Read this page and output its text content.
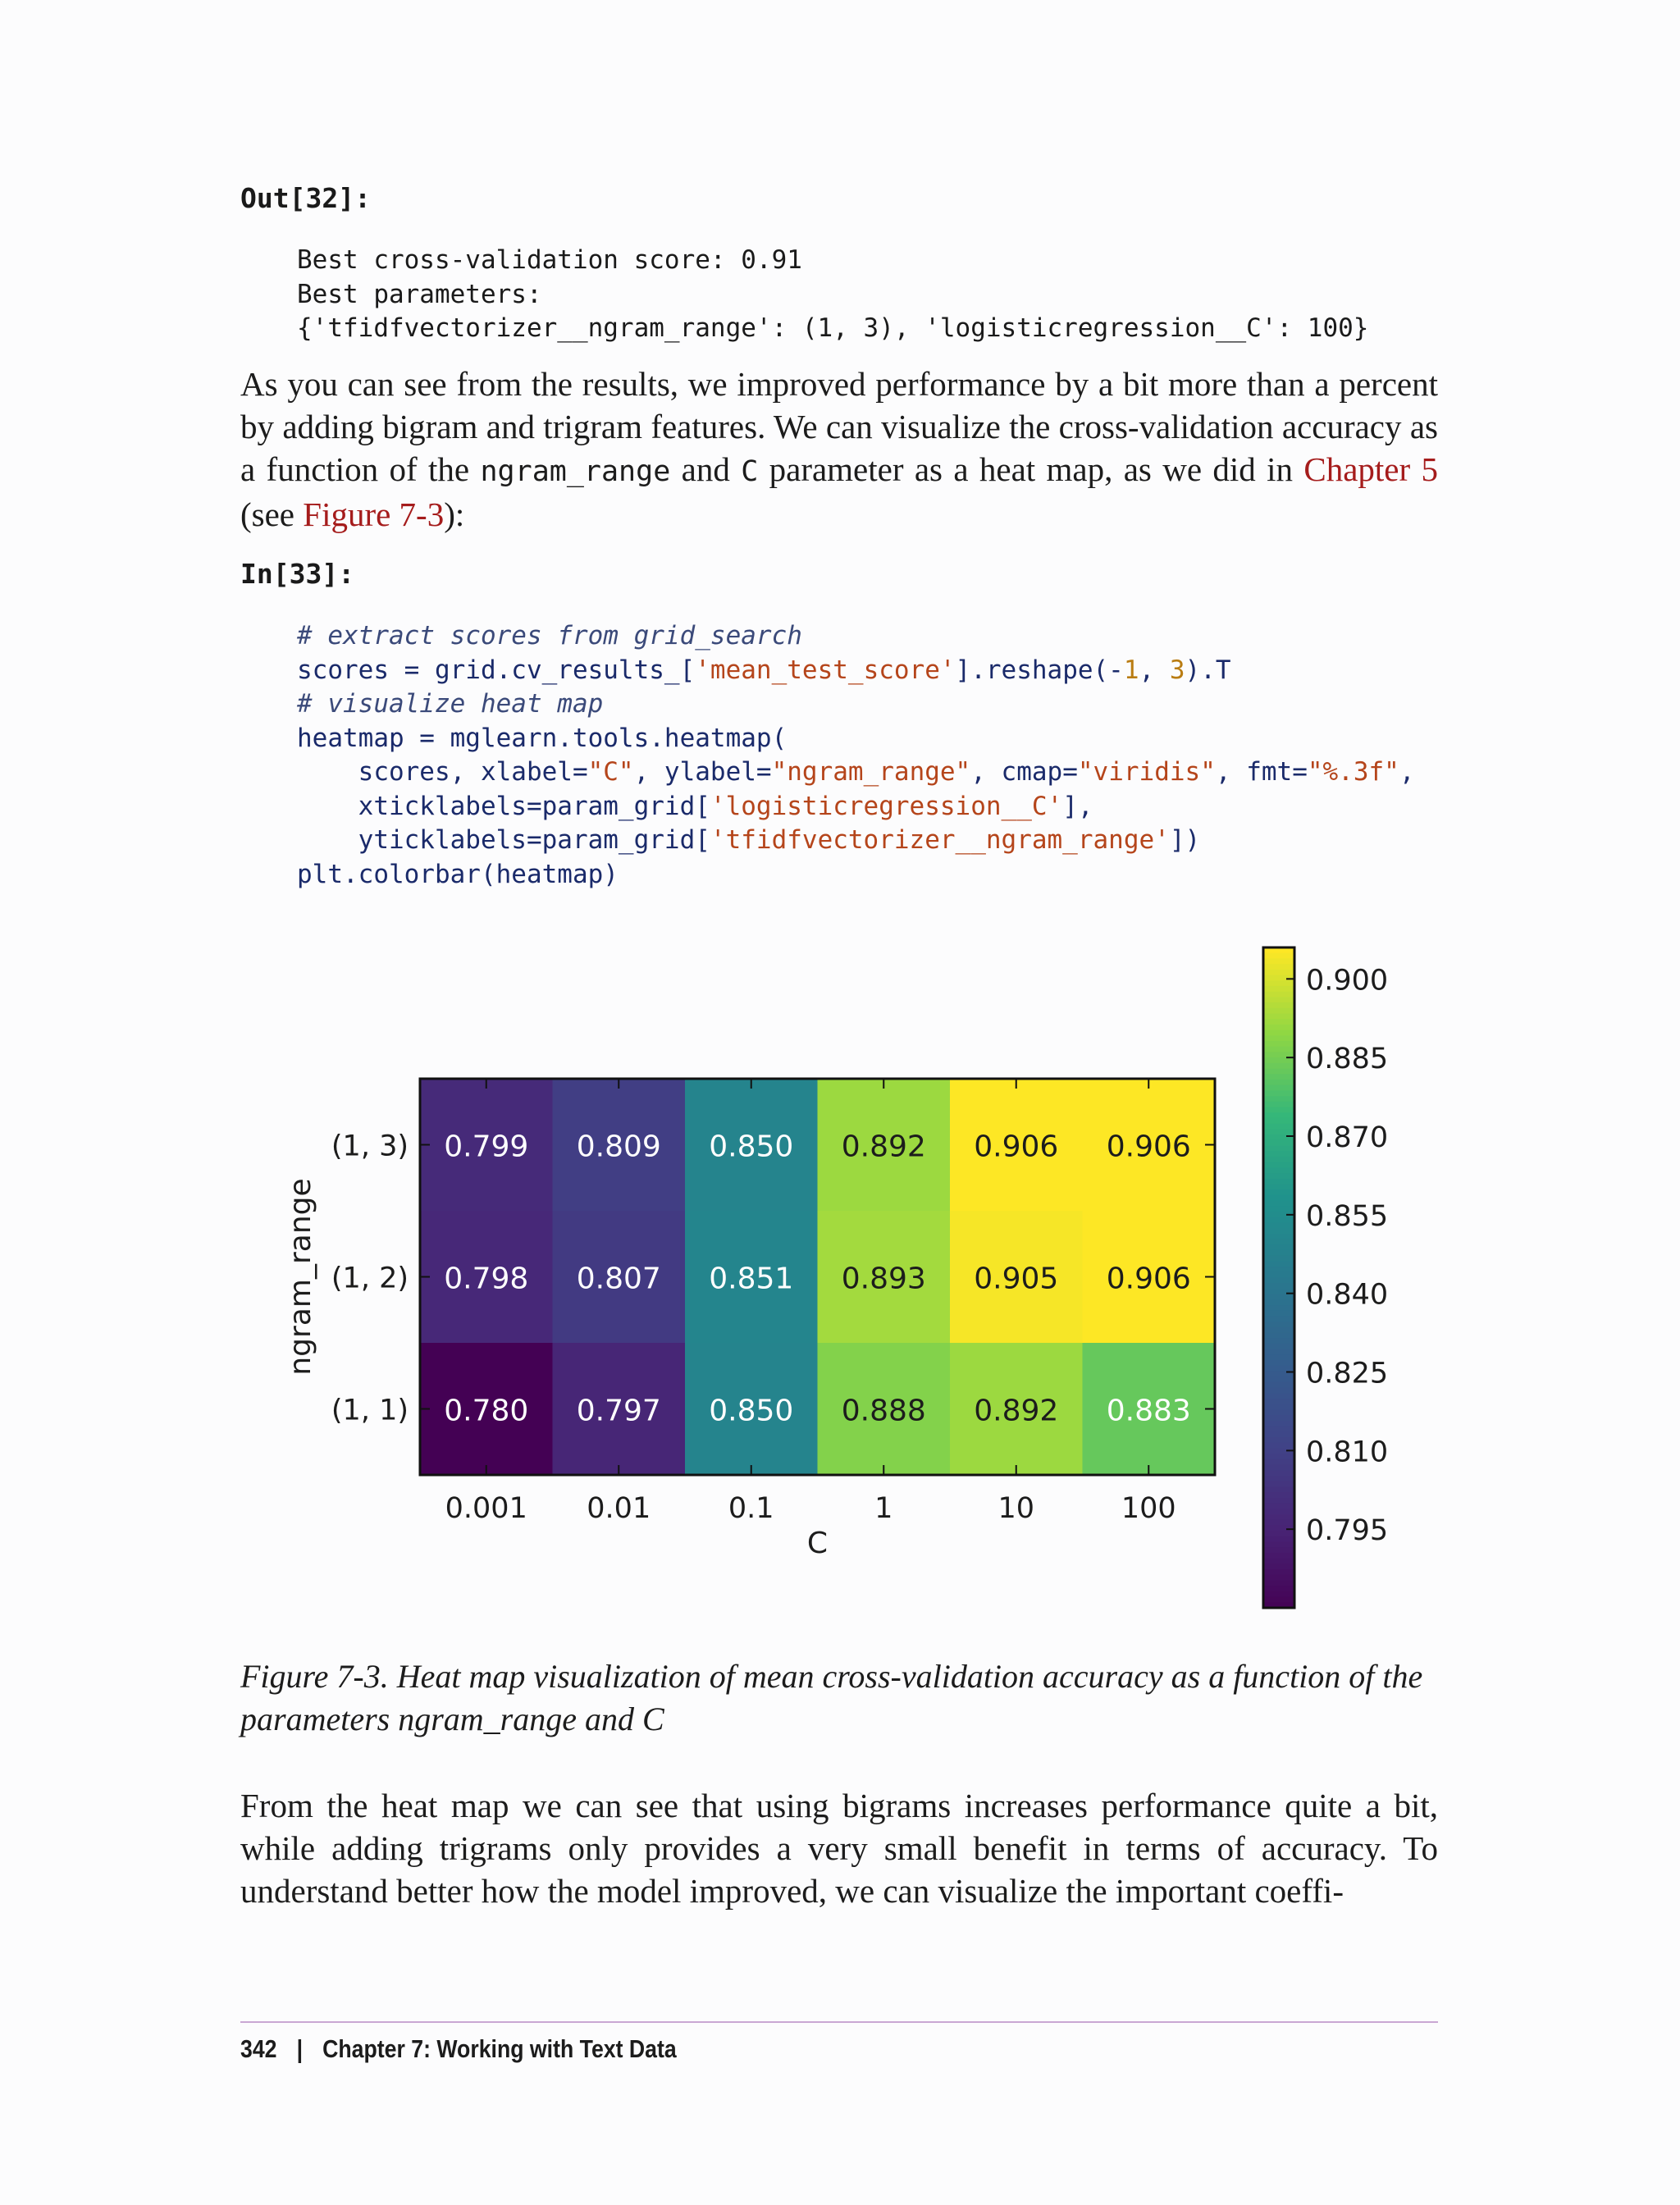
Out[32]:
Best cross-validation score: 0.91
Best parameters:
{'tfidfvectorizer__ngram_range': (1, 3), 'logisticregression__C': 100}
As you can see from the results, we improved performance by a bit more than a percent by adding bigram and trigram features. We can visualize the cross-validation accuracy as a function of the ngram_range and C parameter as a heat map, as we did in Chapter 5 (see Figure 7-3):
In[33]:
# extract scores from grid_search
scores = grid.cv_results_['mean_test_score'].reshape(-1, 3).T
# visualize heat map
heatmap = mglearn.tools.heatmap(
scores, xlabel="C", ylabel="ngram_range", cmap="viridis", fmt="%.3f",
xticklabels=param_grid['logisticregression__C'],
yticklabels=param_grid['tfidfvectorizer__ngram_range'])
plt.colorbar(heatmap)
0.799 0.809 0.850 0.892 0.906 0.906
0.798 0.807 0.851 0.893 0.905 0.906
0.780 0.797 0.850 0.888 0.892 0.883
0.001 0.01	0.1	1	10	100
(1, 3)
(1, 2)
(1, 1)
C
ngram_range
0.900
0.885
0.870
0.855
0.840
0.825
0.810
0.795
Figure 7-3. Heat map visualization of mean cross-validation accuracy as a function of the parameters ngram_range and C
From the heat map we can see that using bigrams increases performance quite a bit, while adding trigrams only provides a very small benefit in terms of accuracy. To understand better how the model improved, we can visualize the important coeffi-
342 | Chapter 7: Working with Text Data
